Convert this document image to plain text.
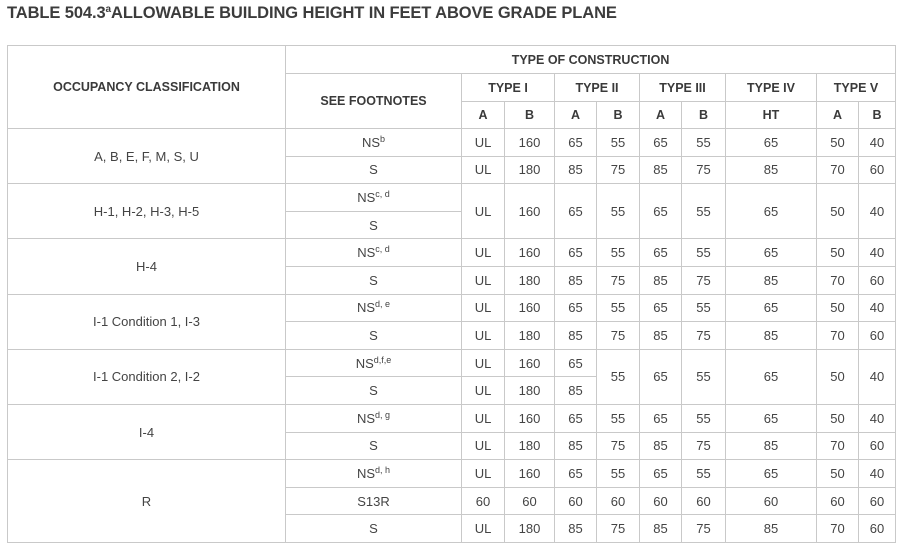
TABLE 504.3$^a$ALLOWABLE BUILDING HEIGHT IN FEET ABOVE GRADE PLANE
OCCUPANCY CLASSIFICATION	TYPE OF CONSTRUCTION									
	SEE FOOTNOTES	TYPE I		TYPE II		TYPE III		TYPE IV	TYPE V	
		A	B	A	B	A	B	HT	A	B
A, B, E, F, M, S, U	$NS^b$	UL	160	65	55	65	55	65	50	40
	S	UL	180	85	75	85	75	85	70	60
H-1, H-2, H-3, H-5	NS$^{c, d}$	UL	160	65	55	65	55	65	50	40
	S									
H-4	NS$^{c, d}$	UL	160	65	55	65	55	65	50	40
	S	UL	180	85	75	85	75	85	70	60
I-1 Condition 1, I-3	NS$^{d, e}$	UL	160	65	55	65	55	65	50	40
	S	UL	180	85	75	85	75	85	70	60
I-1 Condition 2, I-2	NS$^{d,f,e}$	UL	160	65	55	65	55	65	50	40
	S	UL	180	85						
I-4	NS$^{d, g}$	UL	160	65	55	65	55	65	50	40
	S	UL	180	85	75	85	75	85	70	60
R	NS$^{d, h}$	UL	160	65	55	65	55	65	50	40
	S13R	60	60	60	60	60	60	60	60	60
	S	UL	180	85	75	85	75	85	70	60
